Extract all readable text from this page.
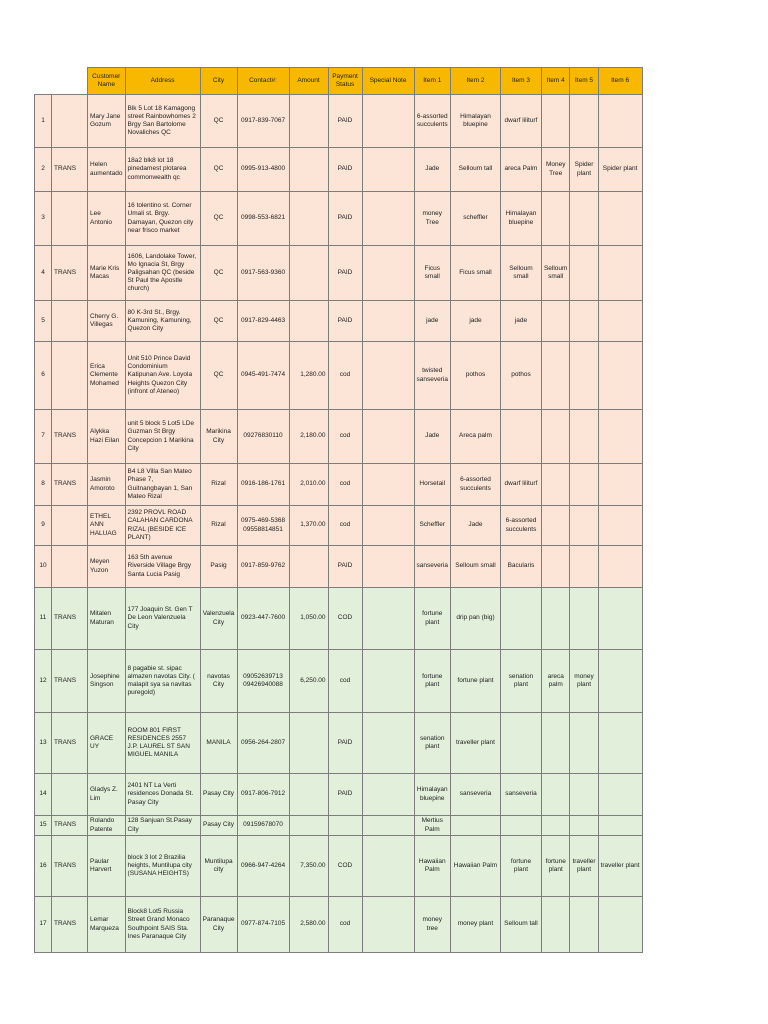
		Customer Name	Address	City	Contact#:	Amount	Payment Status	Special Note	Item 1	Item 2	Item 3	Item 4	Item 5	Item 6
1		Mary Jane Gozum	Blk 5 Lot 18 Kamagong street Rainbowhomes 2 Brgy San Bartolome Novaliches QC	QC	0917-839-7067		PAID		6-assorted succulents	Himalayan bluepine	dwarf liliturf			
2	TRANS	Helen aumentado	18a2 blk8 lot 18 pinedamest plotarea commonwealth qc	QC	0995-913-4800		PAID		Jade	Selloum tall	areca Palm	Money Tree	Spider plant	Spider plant
3		Lee Antonio	16 tolentino st. Corner Umali st. Brgy. Damayan, Quezon city near frisco market	QC	0998-553-6821		PAID		money Tree	scheffler	Himalayan bluepine			
4	TRANS	Marie Kris Macas	1606, Landolake Tower, Mo Ignacia St, Brgy Paligsahan QC (beside St Paul the Apostle church)	QC	0917-563-9360		PAID		Ficus small	Ficus small	Selloum small	Selloum small		
5		Cherry G. Villegas	80 K-3rd St., Brgy. Kamuning, Kamuning, Quezon City	QC	0917-829-4463		PAID		jade	jade	jade			
6		Erica Clemente Mohamed	Unit 510 Prince David Condominium Katipunan Ave. Loyola Heights Quezon City (infront of Ateneo)	QC	0945-491-7474	1,280.00	cod		twisted sanseveria	pothos	pothos			
7	TRANS	Alykka Hazi Eilan	unit 5 block 5 Lot5 LDe Guzman St Brgy Concepcion 1 Marikina City	Marikina City	09276830110	2,180.00	cod		Jade	Areca palm				
8	TRANS	Jasmin Amoroto	B4 L8 Villa San Mateo Phase 7, Guitnangbayan 1, San Mateo Rizal	Rizal	0916-186-1761	2,010.00	cod		Horsetail	6-assorted succulents	dwarf liliturf			
9		ETHEL ANN HALUAG	2392 PROVL ROAD CALAHAN CARDONA RIZAL (BESIDE ICE PLANT)	Rizal	0975-469-5368 09558814851	1,370.00	cod		Scheffler	Jade	6-assorted succulents			
10		Meyen Yuzon	163 5th avenue Riverside Village Brgy Santa Lucia Pasig	Pasig	0917-859-9762		PAID		sanseveria	Selloum small	Bacularis			
11	TRANS	Mitalen Maturan	177 Joaquin St. Gen T De Leon Valenzuela City	Valenzuela City	0923-447-7600	1,050.00	COD		fortune plant	drip pan (big)				
12	TRANS	Josephine Singson	8 pagabie st. sipac almazen navotas City. ( malapit sya sa navitas puregold)	navotas City	09052639713 09426940088	6,250.00	cod		fortune plant	fortune plant	senation plant	areca palm	money plant	
13	TRANS	GRACE UY	ROOM 801 FIRST RESIDENCES 2557 J.P. LAUREL ST SAN MIGUEL MANILA	MANILA	0956-264-2807		PAID		senation plant	traveller plant				
14		Gladys Z. Lim	2401 NT La Verti residences Donada St. Pasay City	Pasay City	0917-806-7912		PAID		Himalayan bluepine	sanseveria	sanseveria			
15	TRANS	Rolando Patente	128 Sanjuan St.Pasay City	Pasay City	09159678070				Mertius Palm					
16	TRANS	Paular Harvert	block 3 lot 2 Brazilia heights, Muntilupa city (SUSANA HEIGHTS)	Muntilupa city	0966-947-4264	7,350.00	COD		Hawaiian Palm	Hawaiian Palm	fortune plant	fortune plant	traveller plant	traveller plant
17	TRANS	Lemar Marqueza	Block8 Lot5 Russia Street Grand Monaco Southpoint SAIS Sta. Ines Paranaque City	Paranaque City	0977-874-7105	2,580.00	cod		money tree	money plant	Selloum tall			
